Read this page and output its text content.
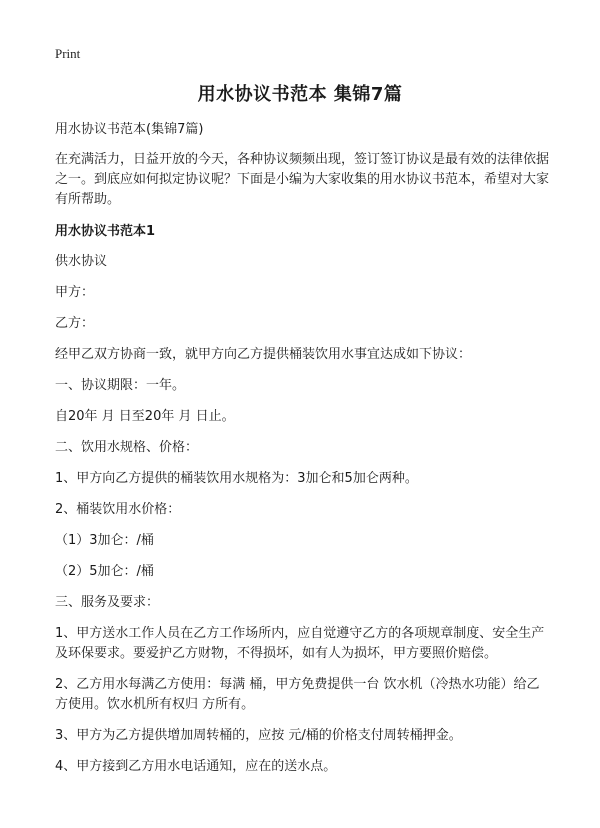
Print
用水协议书范本 集锦7篇

用水协议书范本(集锦7篇)

在充满活力，日益开放的今天，各种协议频频出现，签订签订协议是最有效的法律依据之一。到底应如何拟定协议呢？下面是小编为大家收集的用水协议书范本，希望对大家有所帮助。

用水协议书范本1

供水协议

甲方：

乙方：

经甲乙双方协商一致，就甲方向乙方提供桶装饮用水事宜达成如下协议：

一、协议期限：一年。

自20年 月 日至20年 月 日止。

二、饮用水规格、价格：

1、甲方向乙方提供的桶装饮用水规格为：3加仑和5加仑两种。

2、桶装饮用水价格：

（1）3加仑：/桶

（2）5加仑：/桶

三、服务及要求：

1、甲方送水工作人员在乙方工作场所内，应自觉遵守乙方的各项规章制度、安全生产及环保要求。要爱护乙方财物，不得损坏，如有人为损坏，甲方要照价赔偿。

2、乙方用水每满乙方使用：每满 桶，甲方免费提供一台 饮水机（冷热水功能）给乙方使用。饮水机所有权归 方所有。

3、甲方为乙方提供增加周转桶的，应按 元/桶的价格支付周转桶押金。

4、甲方接到乙方用水电话通知，应在的送水点。
